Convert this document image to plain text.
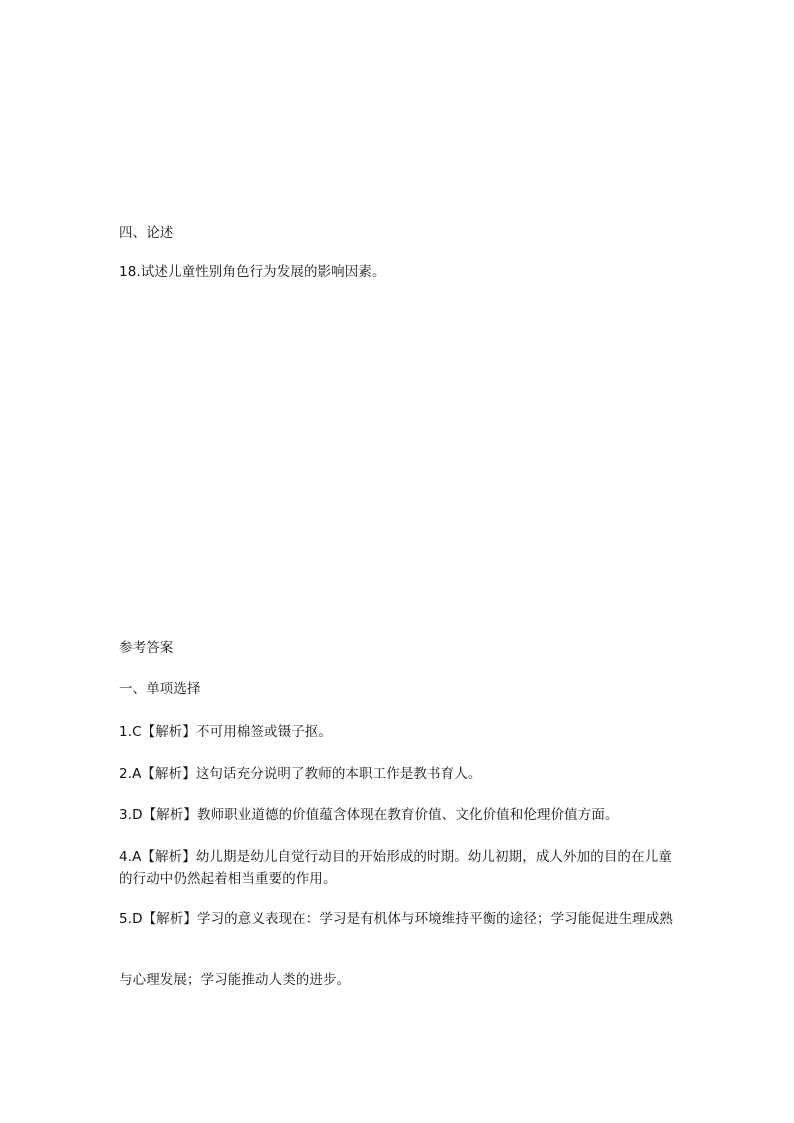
四、论述
18.试述儿童性别角色行为发展的影响因素。
参考答案
一、单项选择
1.C【解析】不可用棉签或镊子抠。
2.A【解析】这句话充分说明了教师的本职工作是教书育人。
3.D【解析】教师职业道德的价值蕴含体现在教育价值、文化价值和伦理价值方面。
4.A【解析】幼儿期是幼儿自觉行动目的开始形成的时期。幼儿初期，成人外加的目的在儿童的行动中仍然起着相当重要的作用。
5.D【解析】学习的意义表现在：学习是有机体与环境维持平衡的途径；学习能促进生理成熟
与心理发展；学习能推动人类的进步。
